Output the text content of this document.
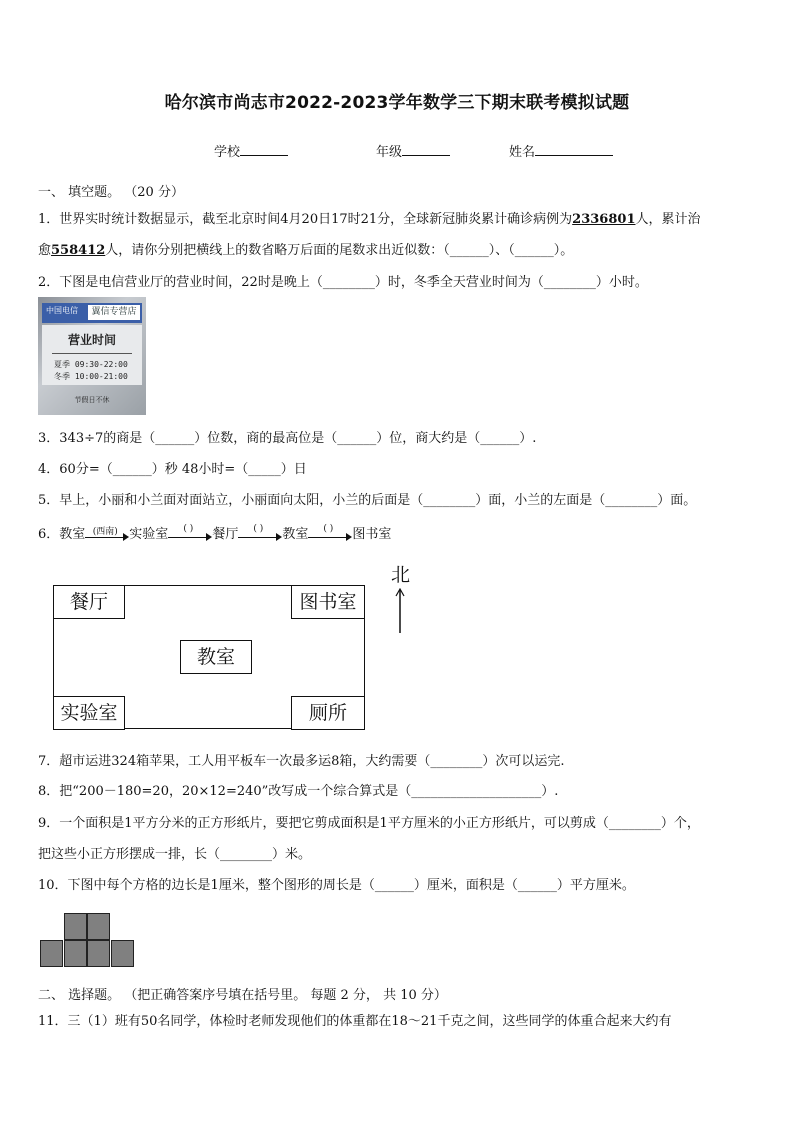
哈尔滨市尚志市2022-2023学年数学三下期末联考模拟试题
学校	年级	姓名
一、 填空题。 （20 分）
1．世界实时统计数据显示，截至北京时间4月20日17时21分，全球新冠肺炎累计确诊病例为2336801人，累计治
愈558412人，请你分别把横线上的数省略万后面的尾数求出近似数：（______）、（______）。
2．下图是电信营业厅的营业时间，22时是晚上（________）时，冬季全天营业时间为（________）小时。
中国电信	翼信专营店
营业时间
夏季 09:30-22:00
冬季 10:00-21:00
节假日不休
3．343÷7的商是（______）位数，商的最高位是（______）位，商大约是（______）.
4．60分=（______）秒 48小时=（_____）日
5．早上，小丽和小兰面对面站立，小丽面向太阳，小兰的后面是（________）面，小兰的左面是（________）面。
6．教室 (西南) 实验室	( )	餐厅	( )	教室	( )	图书室
餐厅	图书室
教室
实验室	厕所
北
7．超市运进324箱苹果，工人用平板车一次最多运8箱，大约需要（________）次可以运完.
8．把“200－180=20，20×12=240”改写成一个综合算式是（____________________）.
9．一个面积是1平方分米的正方形纸片，要把它剪成面积是1平方厘米的小正方形纸片，可以剪成（________）个，
把这些小正方形摆成一排，长（________）米。
10．下图中每个方格的边长是1厘米，整个图形的周长是（______）厘米，面积是（______）平方厘米。
二、 选择题。 （把正确答案序号填在括号里。 每题 2 分， 共 10 分）
11．三（1）班有50名同学，体检时老师发现他们的体重都在18～21千克之间，这些同学的体重合起来大约有
